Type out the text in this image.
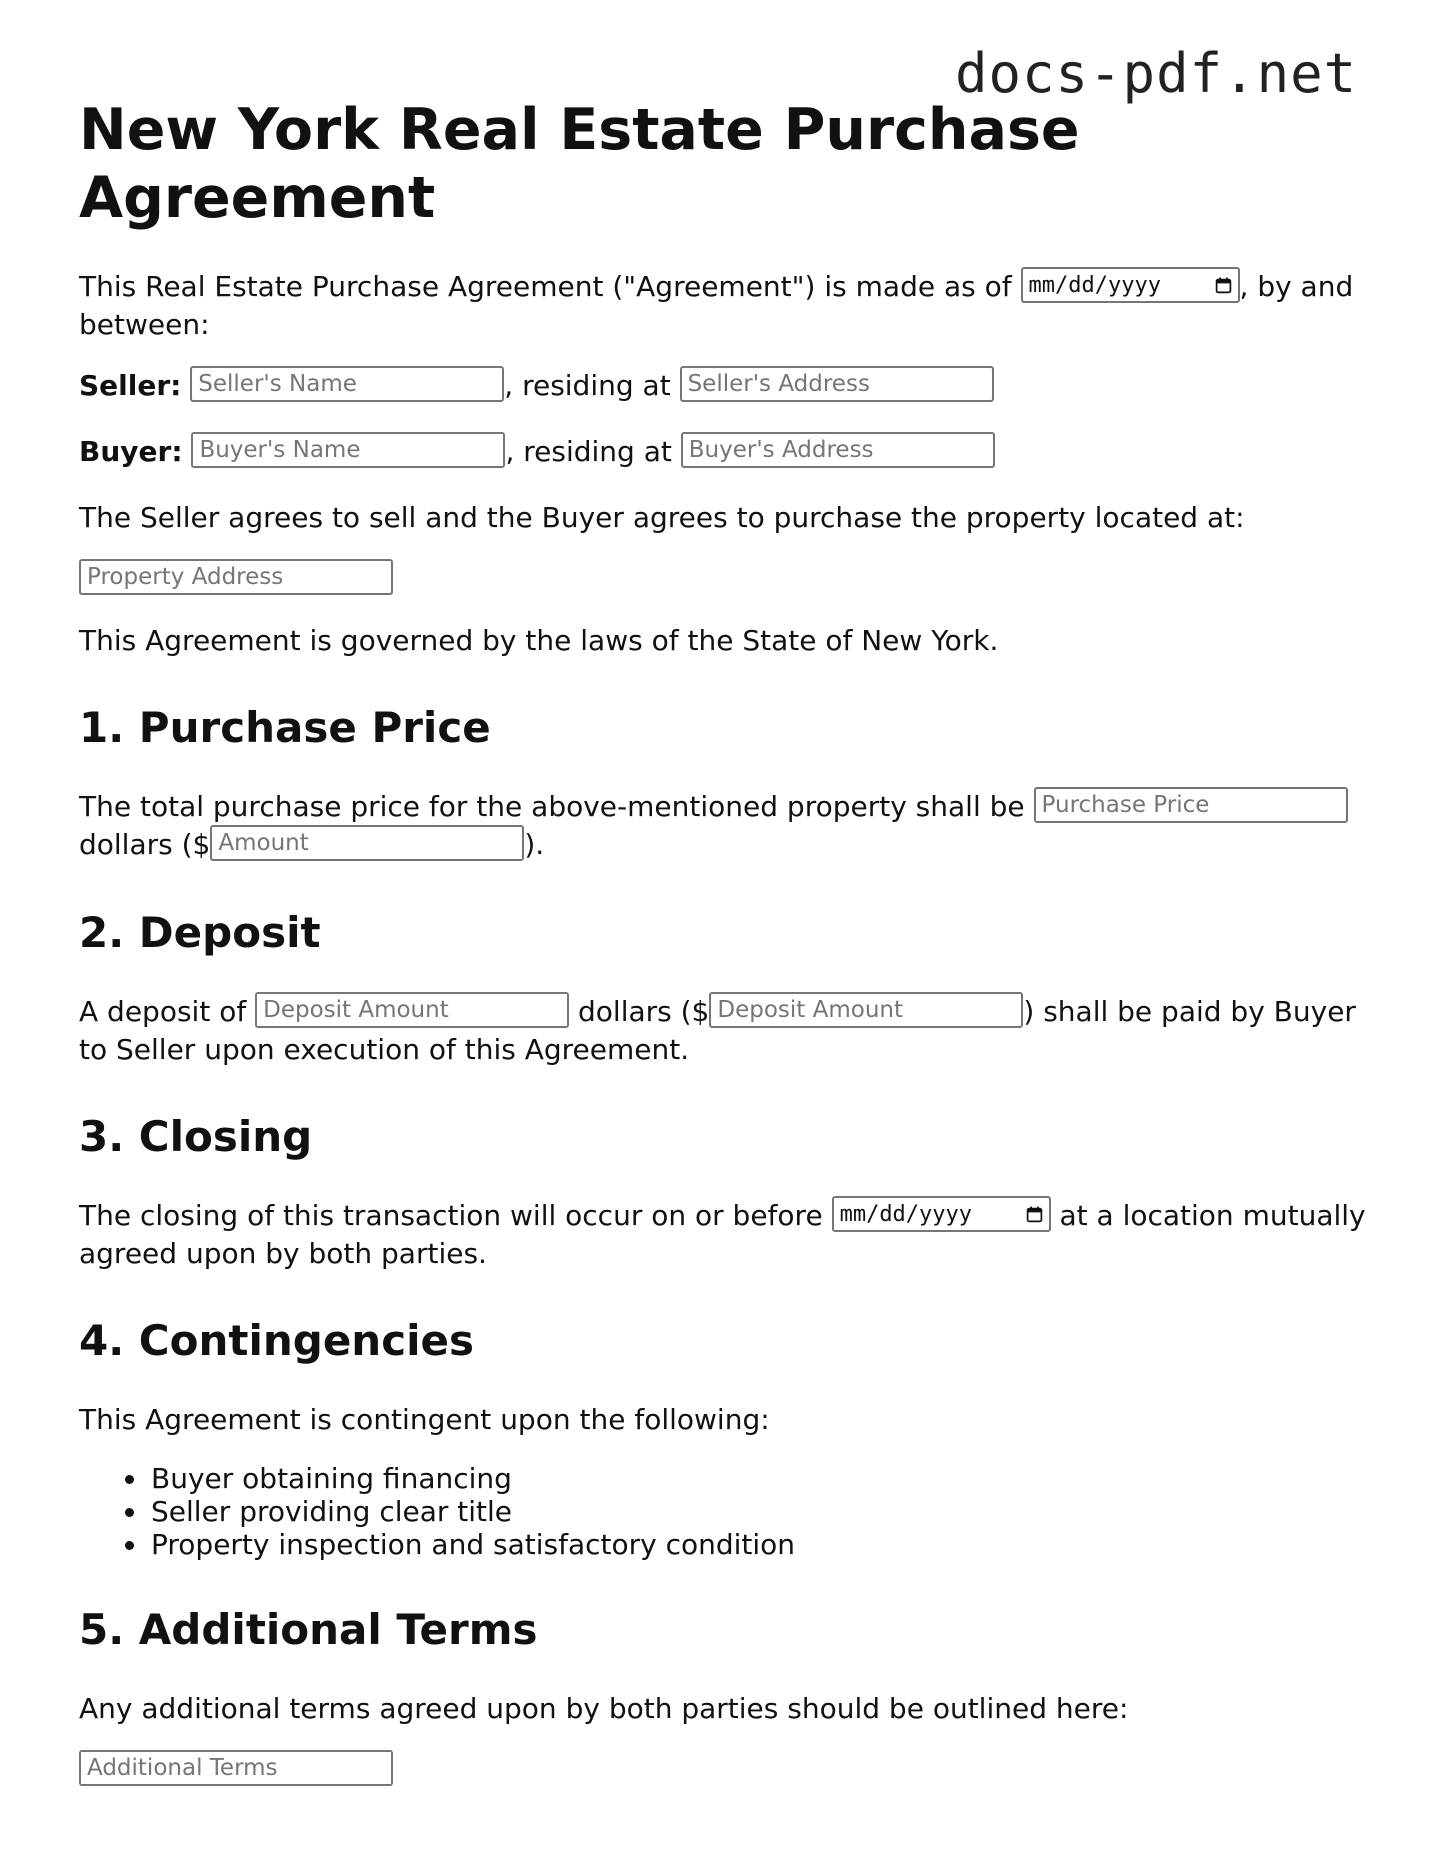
docs-pdf.net
New York Real Estate Purchase Agreement

This Real Estate Purchase Agreement ("Agreement") is made as of mm/dd/yyyy	, by and between:

Seller: Seller's Name	, residing at Seller's Address

Buyer: Buyer's Name	, residing at Buyer's Address

The Seller agrees to sell and the Buyer agrees to purchase the property located at:

Property Address

This Agreement is governed by the laws of the State of New York.

1. Purchase Price

The total purchase price for the above-mentioned property shall be Purchase Price dollars ($Amount	).

2. Deposit

A deposit of Deposit Amount	dollars ($Deposit Amount	) shall be paid by Buyer to Seller upon execution of this Agreement.

3. Closing

The closing of this transaction will occur on or before mm/dd/yyyy	at a location mutually agreed upon by both parties.

4. Contingencies

This Agreement is contingent upon the following:

• Buyer obtaining financing
• Seller providing clear title
• Property inspection and satisfactory condition
5. Additional Terms

Any additional terms agreed upon by both parties should be outlined here:

Additional Terms
